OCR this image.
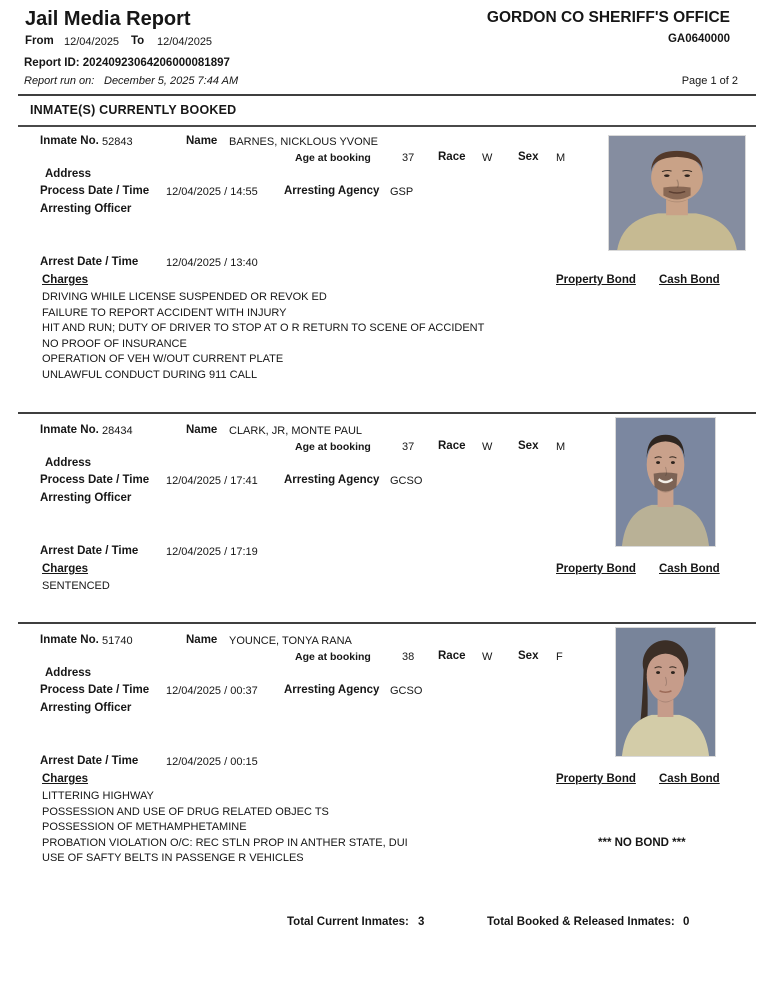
Jail Media Report
From 12/04/2025 To 12/04/2025
GORDON CO SHERIFF'S OFFICE
GA0640000
Report ID: 20240923064206000081897
Report run on: December 5, 2025 7:44 AM	Page 1 of 2
INMATE(S) CURRENTLY BOOKED
Inmate No. 52843	Name BARNES, NICKLOUS YVONE
Age at booking	37 Race W Sex M
Address
Process Date / Time 12/04/2025 / 14:55 Arresting Agency GSP
Arresting Officer
Arrest Date / Time	12/04/2025 / 13:40
Charges	Property Bond Cash Bond
DRIVING WHILE LICENSE SUSPENDED OR REVOK ED
FAILURE TO REPORT ACCIDENT WITH INJURY
HIT AND RUN; DUTY OF DRIVER TO STOP AT O R RETURN TO SCENE OF ACCIDENT
NO PROOF OF INSURANCE
OPERATION OF VEH W/OUT CURRENT PLATE
UNLAWFUL CONDUCT DURING 911 CALL
Inmate No. 28434	Name CLARK, JR, MONTE PAUL
Age at booking	37 Race W Sex M
Address
Process Date / Time 12/04/2025 / 17:41 Arresting Agency GCSO
Arresting Officer
Arrest Date / Time	12/04/2025 / 17:19
Charges	Property Bond Cash Bond
SENTENCED
Inmate No. 51740	Name YOUNCE, TONYA RANA
Age at booking	38 Race W Sex F
Address
Process Date / Time 12/04/2025 / 00:37 Arresting Agency GCSO
Arresting Officer
Arrest Date / Time	12/04/2025 / 00:15
Charges	Property Bond Cash Bond
LITTERING HIGHWAY
POSSESSION AND USE OF DRUG RELATED OBJEC TS
POSSESSION OF METHAMPHETAMINE
PROBATION VIOLATION O/C: REC STLN PROP IN ANTHER STATE, DUI	*** NO BOND ***
USE OF SAFTY BELTS IN PASSENGE R VEHICLES
Total Current Inmates: 3	Total Booked & Released Inmates: 0
